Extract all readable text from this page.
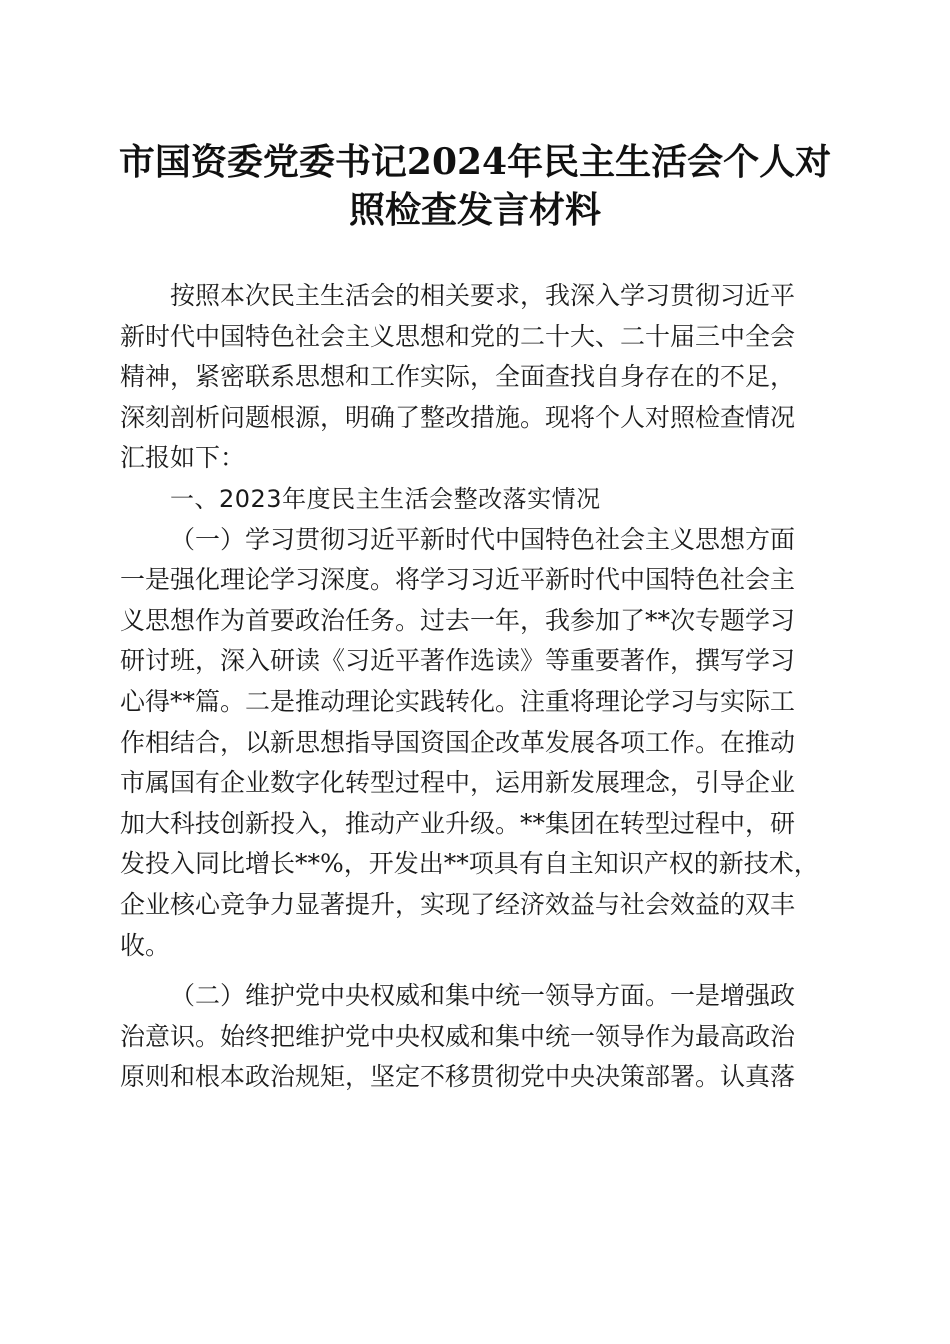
市国资委党委书记2024年民主生活会个人对
照检查发言材料
按照本次民主生活会的相关要求，我深入学习贯彻习近平
新时代中国特色社会主义思想和党的二十大、二十届三中全会
精神，紧密联系思想和工作实际，全面查找自身存在的不足，
深刻剖析问题根源，明确了整改措施。现将个人对照检查情况
汇报如下：
一、2023年度民主生活会整改落实情况
（一）学习贯彻习近平新时代中国特色社会主义思想方面
一是强化理论学习深度。将学习习近平新时代中国特色社会主
义思想作为首要政治任务。过去一年，我参加了**次专题学习
研讨班，深入研读《习近平著作选读》等重要著作，撰写学习
心得**篇。二是推动理论实践转化。注重将理论学习与实际工
作相结合，以新思想指导国资国企改革发展各项工作。在推动
市属国有企业数字化转型过程中，运用新发展理念，引导企业
加大科技创新投入，推动产业升级。**集团在转型过程中，研
发投入同比增长**%，开发出**项具有自主知识产权的新技术，
企业核心竞争力显著提升，实现了经济效益与社会效益的双丰
收。
（二）维护党中央权威和集中统一领导方面。一是增强政
治意识。始终把维护党中央权威和集中统一领导作为最高政治
原则和根本政治规矩，坚定不移贯彻党中央决策部署。认真落
